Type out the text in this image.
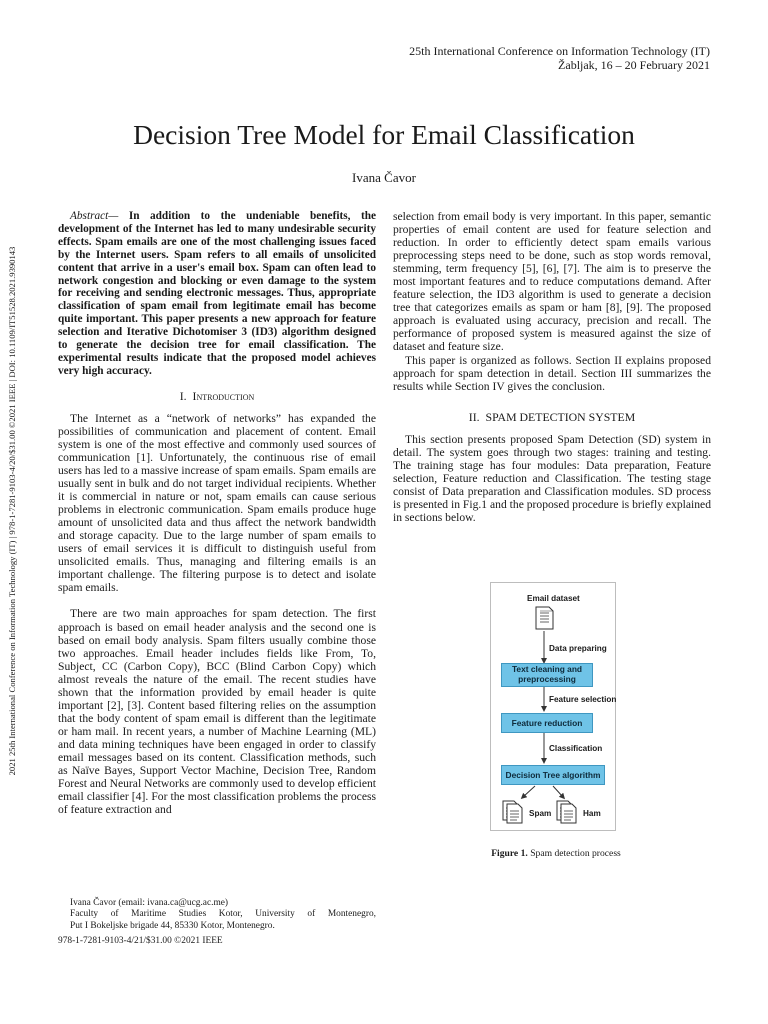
25th International Conference on Information Technology (IT)
Žabljak, 16 – 20 February 2021
Decision Tree Model for Email Classification
Ivana Čavor
2021 25th International Conference on Information Technology (IT) | 978-1-7281-9103-4/20/$31.00 ©2021 IEEE | DOI: 10.1109/IT51528.2021.9390143

Abstract— In addition to the undeniable benefits, the development of the Internet has led to many undesirable security effects. Spam emails are one of the most challenging issues faced by the Internet users. Spam refers to all emails of unsolicited content that arrive in a user's email box. Spam can often lead to network congestion and blocking or even damage to the system for receiving and sending electronic messages. Thus, appropriate classification of spam email from legitimate email has become quite important. This paper presents a new approach for feature selection and Iterative Dichotomiser 3 (ID3) algorithm designed to generate the decision tree for email classification. The experimental results indicate that the proposed model achieves very high accuracy.

I. Introduction

The Internet as a “network of networks” has expanded the possibilities of communication and placement of content. Email system is one of the most effective and commonly used sources of communication [1]. Unfortunately, the continuous rise of email users has led to a massive increase of spam emails. Spam emails are usually sent in bulk and do not target individual recipients. Whether it is commercial in nature or not, spam emails can cause serious problems in electronic communication. Spam emails produce huge amount of unsolicited data and thus affect the network bandwidth and storage capacity. Due to the large number of spam emails to users of email services it is difficult to distinguish useful from unsolicited emails. Thus, managing and filtering emails is an important challenge. The filtering purpose is to detect and isolate spam emails.

There are two main approaches for spam detection. The first approach is based on email header analysis and the second one is based on email body analysis. Spam filters usually combine those two approaches. Email header includes fields like From, To, Subject, CC (Carbon Copy), BCC (Blind Carbon Copy) which almost reveals the nature of the email. The recent studies have shown that the information provided by email header is quite important [2], [3]. Content based filtering relies on the assumption that the body content of spam email is different than the legitimate or ham mail. In recent years, a number of Machine Learning (ML) and data mining techniques have been engaged in order to classify email messages based on its content. Classification methods, such as Naïve Bayes, Support Vector Machine, Decision Tree, Random Forest and Neural Networks are commonly used to develop efficient email classifier [4]. For the most classification problems the process of feature extraction and

selection from email body is very important. In this paper, semantic properties of email content are used for feature selection and reduction. In order to efficiently detect spam emails various preprocessing steps need to be done, such as stop words removal, stemming, term frequency [5], [6], [7]. The aim is to preserve the most important features and to reduce computations demand. After feature selection, the ID3 algorithm is used to generate a decision tree that categorizes emails as spam or ham [8], [9]. The proposed approach is evaluated using accuracy, precision and recall. The performance of proposed system is measured against the size of dataset and feature size.

This paper is organized as follows. Section II explains proposed approach for spam detection in detail. Section III summarizes the results while Section IV gives the conclusion.

II. SPAM DETECTION SYSTEM

This section presents proposed Spam Detection (SD) system in detail. The system goes through two stages: training and testing. The training stage has four modules: Data preparation, Feature selection, Feature reduction and Classification. The testing stage consist of Data preparation and Classification modules. SD process is presented in Fig.1 and the proposed procedure is briefly explained in sections below.

Email dataset
Data preparing
Text cleaning and preprocessing
Feature selection
Feature reduction
Classification
Decision Tree algorithm
Spam	Ham
Figure 1. Spam detection process
Ivana Čavor (email: ivana.ca@ucg.ac.me)
Faculty of Maritime Studies Kotor, University of Montenegro,
Put I Bokeljske brigade 44, 85330 Kotor, Montenegro.
978-1-7281-9103-4/21/$31.00 ©2021 IEEE
